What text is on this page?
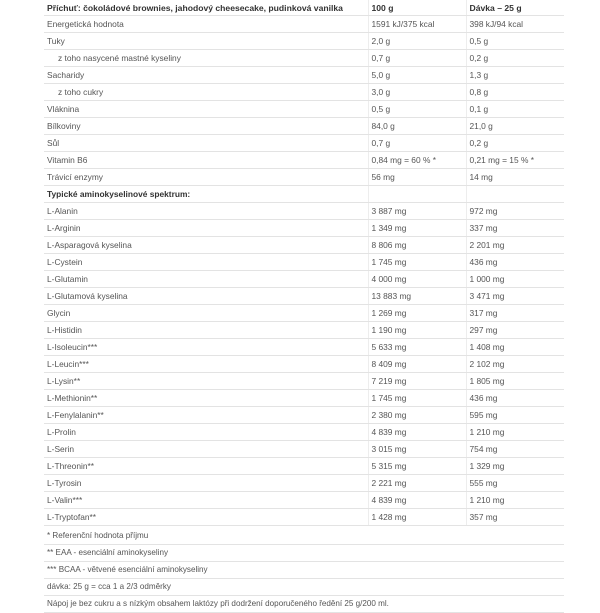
Příchuť: čokoládové brownies, jahodový cheesecake, pudinková vanilka	100 g	Dávka – 25 g
Energetická hodnota	1591 kJ/375 kcal	398 kJ/94 kcal
Tuky	2,0 g	0,5 g
z toho nasycené mastné kyseliny	0,7 g	0,2 g
Sacharidy	5,0 g	1,3 g
z toho cukry	3,0 g	0,8 g
Vláknina	0,5 g	0,1 g
Bílkoviny	84,0 g	21,0 g
Sůl	0,7 g	0,2 g
Vitamin B6	0,84 mg = 60 % *	0,21 mg = 15 % *
Trávicí enzymy	56 mg	14 mg
Typické aminokyselinové spektrum:		
L-Alanin	3 887 mg	972 mg
L-Arginin	1 349 mg	337 mg
L-Asparagová kyselina	8 806 mg	2 201 mg
L-Cystein	1 745 mg	436 mg
L-Glutamin	4 000 mg	1 000 mg
L-Glutamová kyselina	13 883 mg	3 471 mg
Glycin	1 269 mg	317 mg
L-Histidin	1 190 mg	297 mg
L-Isoleucin***	5 633 mg	1 408 mg
L-Leucin***	8 409 mg	2 102 mg
L-Lysin**	7 219 mg	1 805 mg
L-Methionin**	1 745 mg	436 mg
L-Fenylalanin**	2 380 mg	595 mg
L-Prolin	4 839 mg	1 210 mg
L-Serin	3 015 mg	754 mg
L-Threonin**	5 315 mg	1 329 mg
L-Tyrosin	2 221 mg	555 mg
L-Valin***	4 839 mg	1 210 mg
L-Tryptofan**	1 428 mg	357 mg
* Referenční hodnota příjmu
** EAA - esenciální aminokyseliny
*** BCAA - větvené esenciální aminokyseliny
dávka: 25 g = cca 1 a 2/3 odměrky
Nápoj je bez cukru a s nízkým obsahem laktózy při dodržení doporučeného ředění 25 g/200 ml.
